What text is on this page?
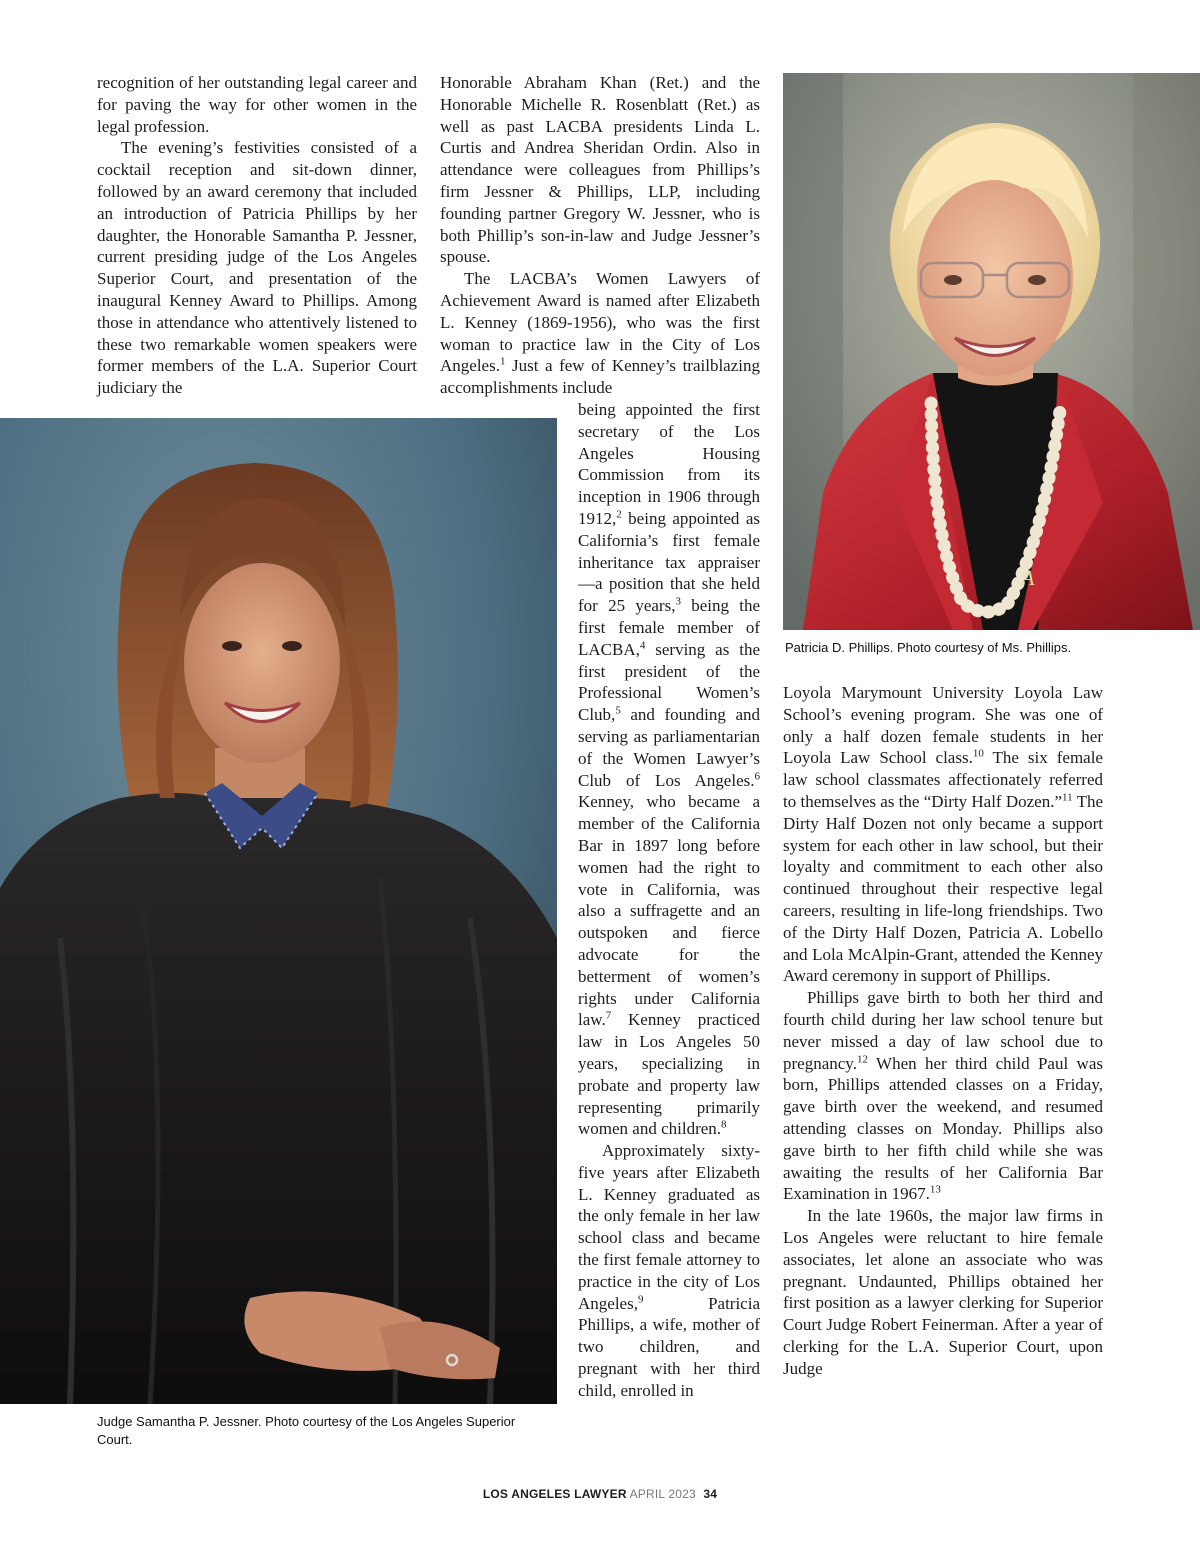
recognition of her outstanding legal career and for paving the way for other women in the legal profession.

The evening’s festivities consisted of a cocktail reception and sit-down dinner, followed by an award ceremony that included an introduction of Patricia Phillips by her daughter, the Honorable Samantha P. Jessner, current presiding judge of the Los Angeles Superior Court, and presentation of the inaugural Kenney Award to Phillips. Among those in attendance who attentively listened to these two remarkable women speakers were former members of the L.A. Superior Court judiciary the

Honorable Abraham Khan (Ret.) and the Honorable Michelle R. Rosenblatt (Ret.) as well as past LACBA presidents Linda L. Curtis and Andrea Sheridan Ordin. Also in attendance were colleagues from Phillips’s firm Jessner & Phillips, LLP, including founding partner Gregory W. Jessner, who is both Phillip’s son-in-law and Judge Jessner’s spouse.

The LACBA’s Women Lawyers of Achievement Award is named after Elizabeth L. Kenney (1869-1956), who was the first woman to practice law in the City of Los Angeles.$^1$ Just a few of Kenney’s trailblazing accomplishments include

being appointed the first secretary of the Los Angeles Housing Commission from its inception in 1906 through 1912,$^2$ being appointed as California’s first female inheritance tax appraiser—a position that she held for 25 years,$^3$ being the first female member of LACBA,$^4$ serving as the first president of the Professional Women’s Club,$^5$ and founding and serving as parliamentarian of the Women Lawyer’s Club of Los Angeles.$^6$ Kenney, who became a member of the California Bar in 1897 long before women had the right to vote in California, was also a suffragette and an outspoken and fierce advocate for the betterment of women’s rights under California law.$^7$ Kenney practiced law in Los Angeles 50 years, specializing in probate and property law representing primarily women and children.$^8$

Approximately sixty-five years after Elizabeth L. Kenney graduated as the only female in her law school class and became the first female attorney to practice in the city of Los Angeles,$^9$ Patricia Phillips, a wife, mother of two children, and pregnant with her third child, enrolled in

Loyola Marymount University Loyola Law School’s evening program. She was one of only a half dozen female students in her Loyola Law School class.$^{10}$ The six female law school classmates affectionately referred to themselves as the “Dirty Half Dozen.”$^{11}$ The Dirty Half Dozen not only became a support system for each other in law school, but their loyalty and commitment to each other also continued throughout their respective legal careers, resulting in life-long friendships. Two of the Dirty Half Dozen, Patricia A. Lobello and Lola McAlpin-Grant, attended the Kenney Award ceremony in support of Phillips.

Phillips gave birth to both her third and fourth child during her law school tenure but never missed a day of law school due to pregnancy.$^{12}$ When her third child Paul was born, Phillips attended classes on a Friday, gave birth over the weekend, and resumed attending classes on Monday. Phillips also gave birth to her fifth child while she was awaiting the results of her California Bar Examination in 1967.13

In the late 1960s, the major law firms in Los Angeles were reluctant to hire female associates, let alone an associate who was pregnant. Undaunted, Phillips obtained her first position as a lawyer clerking for Superior Court Judge Robert Feinerman. After a year of clerking for the L.A. Superior Court, upon Judge

A
Patricia D. Phillips. Photo courtesy of Ms. Phillips.
Judge Samantha P. Jessner. Photo courtesy of the Los Angeles Superior Court.
LOS ANGELES LAWYER APRIL 2023 34
